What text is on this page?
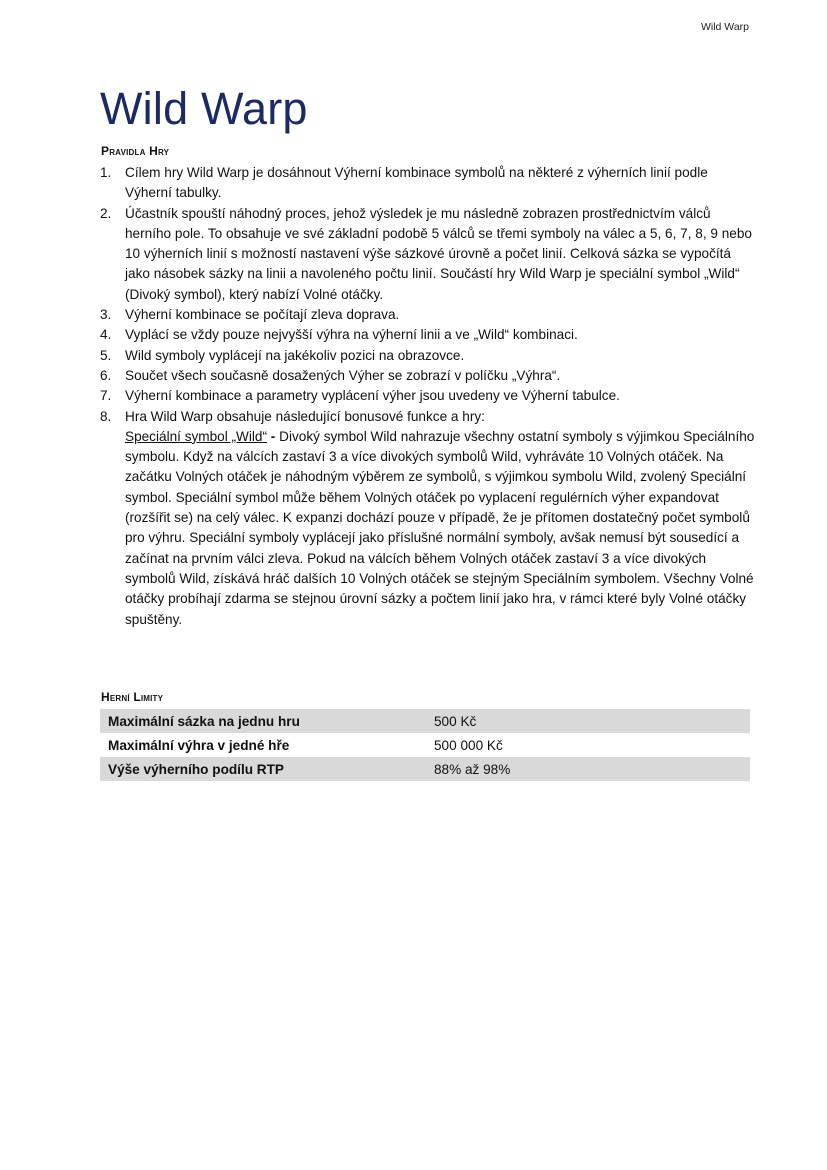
Wild Warp
Wild Warp
Pravidla Hry
1. Cílem hry Wild Warp je dosáhnout Výherní kombinace symbolů na některé z výherních linií podle Výherní tabulky.
2. Účastník spouští náhodný proces, jehož výsledek je mu následně zobrazen prostřednictvím válců herního pole. To obsahuje ve své základní podobě 5 válců se třemi symboly na válec a 5, 6, 7, 8, 9 nebo 10 výherních linií s možností nastavení výše sázkové úrovně a počet linií. Celková sázka se vypočítá jako násobek sázky na linii a navoleného počtu linií. Součástí hry Wild Warp je speciální symbol „Wild“ (Divoký symbol), který nabízí Volné otáčky.
3. Výherní kombinace se počítají zleva doprava.
4. Vyplácí se vždy pouze nejvyšší výhra na výherní linii a ve „Wild“ kombinaci.
5. Wild symboly vyplácejí na jakékoliv pozici na obrazovce.
6. Součet všech současně dosažených Výher se zobrazí v políčku „Výhra“.
7. Výherní kombinace a parametry vyplácení výher jsou uvedeny ve Výherní tabulce.
8. Hra Wild Warp obsahuje následující bonusové funkce a hry:
Speciální symbol „Wild“ - Divoký symbol Wild nahrazuje všechny ostatní symboly s výjimkou Speciálního symbolu. Když na válcích zastaví 3 a více divokých symbolů Wild, vyhráváte 10 Volných otáček. Na začátku Volných otáček je náhodným výběrem ze symbolů, s výjimkou symbolu Wild, zvolený Speciální symbol. Speciální symbol může během Volných otáček po vyplacení regulérních výher expandovat (rozšířit se) na celý válec. K expanzi dochází pouze v případě, že je přítomen dostatečný počet symbolů pro výhru. Speciální symboly vyplácejí jako příslušné normální symboly, avšak nemusí být sousedící a začínat na prvním válci zleva. Pokud na válcích během Volných otáček zastaví 3 a více divokých symbolů Wild, získává hráč dalších 10 Volných otáček se stejným Speciálním symbolem. Všechny Volné otáčky probíhají zdarma se stejnou úrovní sázky a počtem linií jako hra, v rámci které byly Volné otáčky spuštěny.
Herní Limity
Maximální sázka na jednu hru	500 Kč
Maximální výhra v jedné hře	500 000 Kč
Výše výherního podílu RTP	88% až 98%
